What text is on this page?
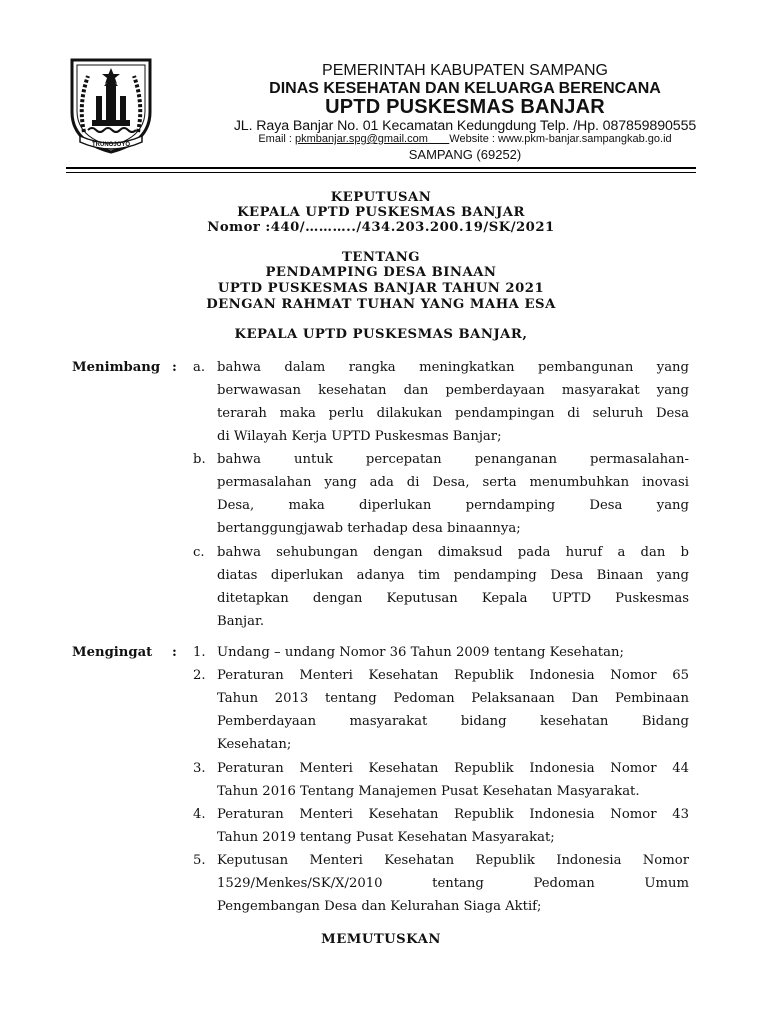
TRUNOJOYO
PEMERINTAH KABUPATEN SAMPANG
DINAS KESEHATAN DAN KELUARGA BERENCANA
UPTD PUSKESMAS BANJAR
JL. Raya Banjar No. 01 Kecamatan Kedungdung Telp. /Hp. 087859890555
Email : pkmbanjar.spg@gmail.com Website : www.pkm-banjar.sampangkab.go.id
SAMPANG (69252)
KEPUTUSAN
KEPALA UPTD PUSKESMAS BANJAR
Nomor :440/………../434.203.200.19/SK/2021
TENTANG
PENDAMPING DESA BINAAN
UPTD PUSKESMAS BANJAR TAHUN 2021
DENGAN RAHMAT TUHAN YANG MAHA ESA
KEPALA UPTD PUSKESMAS BANJAR,
Menimbang : a. bahwa dalam rangka meningkatkan pembangunan yang
berwawasan kesehatan dan pemberdayaan masyarakat yang
terarah maka perlu dilakukan pendampingan di seluruh Desa
di Wilayah Kerja UPTD Puskesmas Banjar;
b. bahwa untuk percepatan penanganan permasalahan-
permasalahan yang ada di Desa, serta menumbuhkan inovasi
Desa, maka diperlukan perndamping Desa yang
bertanggungjawab terhadap desa binaannya;
c. bahwa sehubungan dengan dimaksud pada huruf a dan b
diatas diperlukan adanya tim pendamping Desa Binaan yang
ditetapkan dengan Keputusan Kepala UPTD Puskesmas
Banjar.
Mengingat : 1. Undang – undang Nomor 36 Tahun 2009 tentang Kesehatan;
2. Peraturan Menteri Kesehatan Republik Indonesia Nomor 65
Tahun 2013 tentang Pedoman Pelaksanaan Dan Pembinaan
Pemberdayaan masyarakat bidang kesehatan Bidang
Kesehatan;
3. Peraturan Menteri Kesehatan Republik Indonesia Nomor 44
Tahun 2016 Tentang Manajemen Pusat Kesehatan Masyarakat.
4. Peraturan Menteri Kesehatan Republik Indonesia Nomor 43
Tahun 2019 tentang Pusat Kesehatan Masyarakat;
5. Keputusan Menteri Kesehatan Republik Indonesia Nomor
1529/Menkes/SK/X/2010 tentang Pedoman Umum
Pengembangan Desa dan Kelurahan Siaga Aktif;
MEMUTUSKAN
